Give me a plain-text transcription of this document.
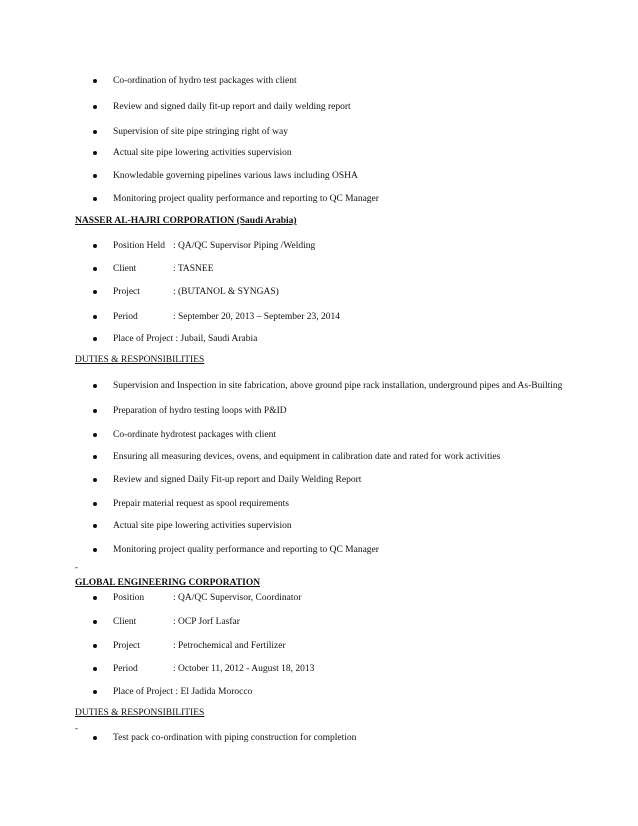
Co-ordination of hydro test packages with client
Review and signed daily fit-up report and daily welding report
Supervision of site pipe stringing right of way
Actual site pipe lowering activities supervision
Knowledable governing pipelines various laws including OSHA
Monitoring project quality performance and reporting to QC Manager
NASSER AL-HAJRI CORPORATION (Saudi Arabia)
Position Held : QA/QC Supervisor Piping /Welding
Client	: TASNEE
Project	: (BUTANOL & SYNGAS)
Period	: September 20, 2013 – September 23, 2014
Place of Project : Jubail, Saudi Arabia
DUTIES & RESPONSIBILITIES
Supervision and Inspection in site fabrication, above ground pipe rack installation, underground pipes and As-Builting
Preparation of hydro testing loops with P&ID
Co-ordinate hydrotest packages with client
Ensuring all measuring devices, ovens, and equipment in calibration date and rated for work activities
Review and signed Daily Fit-up report and Daily Welding Report
Prepair material request as spool requirements
Actual site pipe lowering activities supervision
Monitoring project quality performance and reporting to QC Manager
-
GLOBAL ENGINEERING CORPORATION
Position	: QA/QC Supervisor, Coordinator
Client	: OCP Jorf Lasfar
Project	: Petrochemical and Fertilizer
Period	: October 11, 2012 - August 18, 2013
Place of Project : El Jadida Morocco
DUTIES & RESPONSIBILITIES
-
Test pack co-ordination with piping construction for completion
